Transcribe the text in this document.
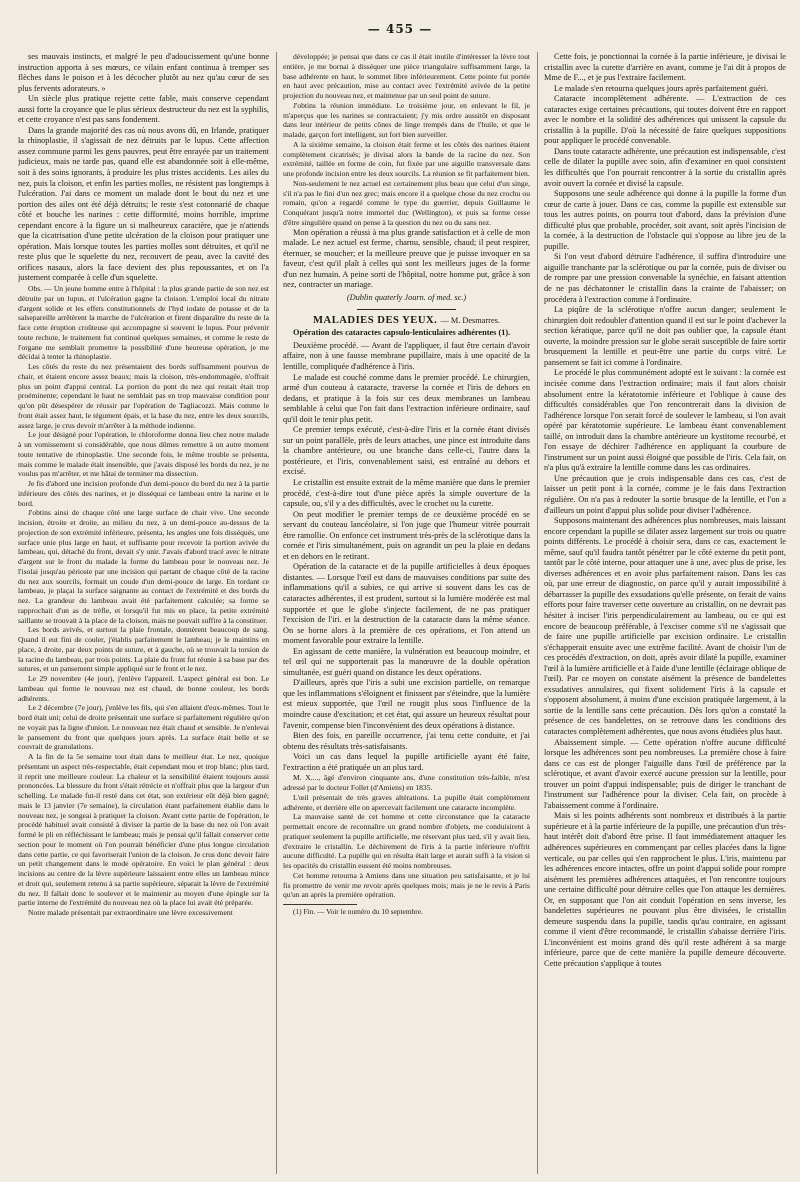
— 455 —

ses mauvais instincts, et malgré le peu d'adoucissement qu'une bonne instruction apporta à ses mœurs, ce vilain enfant continua à tremper ses flèches dans le poison et à les décocher plutôt au nez qu'au cœur de ses plus fervents adorateurs. »

Un siècle plus pratique rejette cette fable, mais conserve cependant aussi forte la croyance que le plus sérieux destructeur du nez est la syphilis, et cette croyance n'est pas sans fondement.

Dans la grande majorité des cas où nous avons dû, en Irlande, pratiquer la rhinoplastie, il s'agissait de nez détruits par le lupus. Cette affection assez commune parmi les gens pauvres, peut être enrayée par un traitement judicieux, mais ne tarde pas, quand elle est abandonnée soit à elle-même, soit à des soins ignorants, à produire les plus tristes accidents. Les ailes du nez, puis la cloison, et enfin les parties molles, ne résistent pas longtemps à l'ulcération. J'ai dans ce moment un malade dont le bout du nez et une portion des ailes ont été déjà détruits; le reste s'est cotonnarié de chaque côté et bouche les narines : cette difformité, moins horrible, imprime cependant encore à la figure un si malheureux caractère, que je n'attends que la cicatrisation d'une petite ulcération de la cloison pour pratiquer une opération. Mais lorsque toutes les parties molles sont détruites, et qu'il ne reste plus que le squelette du nez, recouvert de peau, avec la cavité des orifices nasaux, alors la face devient des plus repoussantes, et on l'a justement comparée à celle d'un squelette.

Obs. — Un jeune homme entre à l'hôpital : la plus grande partie de son nez est détruite par un lupus, et l'ulcération gagne la cloison. L'emploi local du nitrate d'argent solide et les effets constitutionnels de l'hyd iodate de potasse et de la salsepareille arrêtèrent la marche de l'ulcération et firent disparaître du reste de la face cette éruption croûteuse qui accompagne si souvent le lupus. Pour prévenir toute rechute, le traitement fut continué quelques semaines, et comme le reste de l'organe me semblait promettre la possibilité d'une heureuse opération, je me décidai à tenter la rhinoplastie.

Les côtés du reste du nez présentaient des bords suffisamment pourvus de chair, et étaient encore assez beaux; mais la cloison, très-endommagée, n'offrait plus un point d'appui central. La portion du pont du nez qui restait était trop proéminente; cependant le haut ne semblait pas en trop mauvaise condition pour qu'on pût désespérer de réussir par l'opération de Tagliacozzi. Mais comme le front était assez haut, le tégument épais, et la base du nez, entre les deux sourcils, assez large, je crus devoir m'arrêter à la méthode indienne.

Le jour désigné pour l'opération, le chloroforme donna lieu chez notre malade à un vomissement si considérable, que nous dûmes remettre à un autre moment toute tentative de rhinoplastie. Une seconde fois, le même trouble se présenta, mais comme le malade était insensible, que j'avais disposé les bords du nez, je ne voulus pas m'arrêter, et me hâtai de terminer ma dissection.

Je fis d'abord une incision profonde d'un demi-pouce du bord du nez à la partie inférieure des côtés des narines, et je disséquai ce lambeau entre la narine et le bord.

J'obtins ainsi de chaque côté une large surface de chair vive. Une seconde incision, étroite et droite, au milieu du nez, à un demi-pouce au-dessus de la projection de son extrémité inférieure, présenta, les angles une fois disséqués, une surface unie plus large en haut, et suffisante pour recevoir la portion avivée du lambeau, qui, détaché du front, devait s'y unir. J'avais d'abord tracé avec le nitrate d'argent sur le front du malade la forme du lambeau pour le nouveau nez. Je l'isolai jusqu'au périoste par une incision qui partant de chaque côté de la racine du nez aux sourcils, formait un coude d'un demi-pouce de large. En tordant ce lambeau, je plaçai la surface saignante au contact de l'extrémité et des bords du nez. La grandeur du lambeau avait été parfaitement calculée; sa forme se rapprochait d'un as de trèfle, et lorsqu'il fut mis en place, la petite extrémité saillante se trouvait à la place de la cloison, mais ne pouvait suffire à la constituer.

Les bords avivés, et surtout la plaie frontale, donnèrent beaucoup de sang. Quand il eut fini de couler, j'établis parfaitement le lambeau; je le maintins en place, à droite, par deux points de suture, et à gauche, où se trouvait la torsion de la racine du lambeau, par trois points. La plaie du front fut réunie à sa base par des sutures, et un pansement simple appliqué sur le front et le nez.

Le 29 novembre (4e jour), j'enlève l'appareil. L'aspect général est bon. Le lambeau qui forme le nouveau nez est chaud, de bonne couleur, les bords adhérents.

Le 2 décembre (7e jour), j'enlève les fils, qui s'en allaient d'eux-mêmes. Tout le bord était uni; celui de droite présentait une surface si parfaitement régulière qu'on ne voyait pas la ligne d'union. Le nouveau nez était chaud et sensible. Je n'enlevai le pansement du front que quelques jours après. La surface était belle et se couvrait de granulations.

A la fin de la 5e semaine tout était dans le meilleur état. Le nez, quoique présentant un aspect très-respectable, était cependant mou et trop blanc; plus tard, il reprit une meilleure couleur. La chaleur et la sensibilité étaient toujours aussi prononcées. La blessure du front s'était rétrécie et n'offrait plus que la largeur d'un schelling. Le malade fut-il resté dans cet état, son extérieur eût déjà bien gagné; mais le 13 janvier (7e semaine), la circulation étant parfaitement établie dans le nouveau nez, je songeai à pratiquer la cloison. Avant cette partie de l'opération, le procédé habituel avait consisté à diviser la partie de la base du nez où l'on avait formé le pli en réfléchissant le lambeau; mais je pensai qu'il fallait conserver cette section pour le moment où l'on pourrait bénéficier d'une plus longue circulation dans cette partie, ce qui favoriserait l'union de la cloison. Je crus donc devoir faire un petit changement dans le mode opératoire. En voici le plan général : deux incisions au centre de la lèvre supérieure laissaient entre elles un lambeau mince et droit qui, seulement retenu à sa partie supérieure, séparait la lèvre de l'extrémité du nez. Il fallait donc le soulever et le maintenir au moyen d'une épingle sur la partie interne de l'extrémité du nouveau nez où la place lui avait été préparée.

Notre malade présentait par extraordinaire une lèvre excessivement

développée; je pensai que dans ce cas il était inutile d'intéresser la lèvre tout entière, je me bornai à disséquer une pièce triangulaire suffisamment large, la base adhérente en haut, le sommet libre inférieurement. Cette pointe fut portée en haut avec précaution, mise au contact avec l'extrémité avivée de la petite projection du nouveau nez, et maintenue par un seul point de suture.

J'obtins la réunion immédiate. Le troisième jour, en enlevant le fil, je m'aperçus que les narines se contractaient; j'y mis ordre aussitôt en disposant dans leur intérieur de petits cônes de linge trempés dans de l'huile, et que le malade, garçon fort intelligent, sut fort bien surveiller.

A la sixième semaine, la cloison était ferme et les côtés des narines étaient complètement cicatrisés; je divisai alors la bande de la racine du nez. Son extrémité, taillée en forme de coin, fut fixée par une aiguille transversale dans une profonde incision entre les deux sourcils. La réunion se fit parfaitement bien.

Non-seulement le nez actuel est certainement plus beau que celui d'un singe, s'il n'a pas le fini d'un nez grec; mais encore il a quelque chose du nez crochu ou romain, qu'on a regardé comme le type du guerrier, depuis Guillaume le Conquérant jusqu'à notre immortel duc (Wellington), et puis sa forme cesse d'être singulière quand on pense à la question du nez ou du sans nez.

Mon opération a réussi à ma plus grande satisfaction et à celle de mon malade. Le nez actuel est ferme, charnu, sensible, chaud; il peut respirer, éternuer, se moucher; et la meilleure preuve que je puisse invoquer en sa faveur, c'est qu'il plaît à celles qui sont les meilleurs juges de la forme d'un nez humain. A peine sorti de l'hôpital, notre homme put, grâce à son nez, contracter un mariage.

(Dublin quaterly Journ. of med. sc.)

MALADIES DES YEUX. — M. Desmarres.

Opération des cataractes capsulo-lenticulaires adhérentes (1).

Deuxième procédé. — Avant de l'appliquer, il faut être certain d'avoir affaire, non à une fausse membrane pupillaire, mais à une opacité de la lentille, compliquée d'adhérence à l'iris.

Le malade est couché comme dans le premier procédé. Le chirurgien, armé d'un couteau à cataracte, traverse la cornée et l'iris de dehors en dedans, et pratique à la fois sur ces deux membranes un lambeau semblable à celui que l'on fait dans l'extraction inférieure ordinaire, sauf qu'il doit le tenir plus petit.

Ce premier temps exécuté, c'est-à-dire l'iris et la cornée étant divisés sur un point parallèle, près de leurs attaches, une pince est introduite dans la chambre antérieure, ou une branche dans celle-ci, l'autre dans la postérieure, et l'iris, convenablement saisi, est entraîné au dehors et excisé.

Le cristallin est ensuite extrait de la même manière que dans le premier procédé, c'est-à-dire tout d'une pièce après la simple ouverture de la capsule, ou, s'il y a des difficultés, avec le crochet ou la curette.

On peut modifier le premier temps de ce deuxième procédé en se servant du couteau lancéolaire, si l'on juge que l'humeur vitrée pourrait être ramollie. On enfonce cet instrument très-près de la sclérotique dans la cornée et l'iris simultanément, puis on agrandit un peu la plaie en dedans et en dehors en le retirant.

Opération de la cataracte et de la pupille artificielles à deux époques distantes. — Lorsque l'œil est dans de mauvaises conditions par suite des inflammations qu'il a subies, ce qui arrive si souvent dans les cas de cataractes adhérentes, il est prudent, surtout si la lumière modérée est mal supportée et que le globe s'injecte facilement, de ne pas pratiquer l'excision de l'iri. et la destruction de la cataracte dans la même séance. On se borne alors à la première de ces opérations, et l'on attend un moment favorable pour extraire la lentille.

En agissant de cette manière, la vulnération est beaucoup moindre, et tel œil qui ne supporterait pas la manœuvre de la double opération simultanée, est guéri quand on distance les deux opérations.

D'ailleurs, après que l'iris a subi une excision partielle, on remarque que les inflammations s'éloignent et finissent par s'éteindre, que la lumière est mieux supportée, que l'œil ne rougit plus sous l'influence de la moindre cause d'excitation; et cet état, qui assure un heureux résultat pour l'avenir, compense bien l'inconvénient des deux opérations à distance.

Bien des fois, en pareille occurrence, j'ai tenu cette conduite, et j'ai obtenu des résultats très-satisfaisants.

Voici un cas dans lequel la pupille artificielle ayant été faite, l'extraction a été pratiquée un an plus tard.

M. X...., âgé d'environ cinquante ans, d'une constitution très-faible, m'est adressé par le docteur Follet (d'Amiens) en 1835.

L'œil présentait de très graves altérations. La pupille était complètement adhérente, et derrière elle on apercevait facilement une cataracte incomplète.

La mauvaise santé de cet homme et cette circonstance que la cataracte permettait encore de reconnaître un grand nombre d'objets, me conduisirent à pratiquer seulement la pupille artificielle, me réservant plus tard, s'il y avait lieu, d'extraire le cristallin. Le déchirement de l'iris à la partie inférieure n'offrit aucune difficulté. La pupille qui en résulta était large et aurait suffi à la vision si les opacités du cristallin eussent été moins nombreuses.

Cet homme retourna à Amiens dans une situation peu satisfaisante, et je lui fis promettre de venir me revoir après quelques mois; mais je ne le revis à Paris qu'un an après la première opération.

(1) Fin. — Voir le numéro du 10 septembre.

Cette fois, je ponctionnai la cornée à la partie inférieure, je divisai le cristallin avec la curette d'arrière en avant, comme je l'ai dit à propos de Mme de F..., et je pus l'extraire facilement.

Le malade s'en retourna quelques jours après parfaitement guéri.

Cataracte incomplètement adhérente. — L'extraction de ces cataractes exige certaines précautions, qui toutes doivent être en rapport avec le nombre et la solidité des adhérences qui unissent la capsule du cristallin à la pupille. D'où la nécessité de faire quelques suppositions pour appliquer le procédé convenable.

Dans toute cataracte adhérente, une précaution est indispensable, c'est celle de dilater la pupille avec soin, afin d'examiner en quoi consistent les difficultés que l'on pourrait rencontrer à la sortie du cristallin après avoir ouvert la cornée et divisé la capsule.

Supposons une seule adhérence qui donne à la pupille la forme d'un cœur de carte à jouer. Dans ce cas, comme la pupille est extensible sur tous les autres points, on pourra tout d'abord, dans la prévision d'une difficulté plus que probable, procéder, soit avant, soit après l'incision de la cornée, à la destruction de l'obstacle qui s'oppose au libre jeu de la pupille.

Si l'on veut d'abord détruire l'adhérence, il suffira d'introduire une aiguille tranchante par la sclérotique ou par la cornée, puis de diviser ou de rompre par une pression convenable la synéchie, en faisant attention de ne pas déchatonner le cristallin dans la crainte de l'abaisser; on procédera à l'extraction comme à l'ordinaire.

La piqûre de la sclérotique n'offre aucun danger; seulement le chirurgien doit redoubler d'attention quand il est sur le point d'achever la section kératique, parce qu'il ne doit pas oublier que, la capsule étant ouverte, la moindre pression sur le globe serait susceptible de faire sortir brusquement la lentille et peut-être une partie du corps vitré. Le pansement se fait ici comme à l'ordinaire.

Le procédé le plus communément adopté est le suivant : la cornée est incisée comme dans l'extraction ordinaire; mais il faut alors choisir absolument entre la kératotomie inférieure et l'oblique à cause des difficultés considérables que l'on rencontrerait dans la division de l'adhérence lorsque l'on serait forcé de soulever le lambeau, si l'on avait opéré par kératotomie supérieure. Le lambeau étant convenablement taillé, on introduit dans la chambre antérieure un kystitome recourbé, et l'on essaye de déchirer l'adhérence en appliquant la courbure de l'instrument sur un point aussi éloigné que possible de l'iris. Cela fait, on n'a plus qu'à extraire la lentille comme dans les cas ordinaires.

Une précaution que je crois indispensable dans ces cas, c'est de laisser un petit pont à la cornée, comme je le fais dans l'extraction régulière. On n'a pas à redouter la sortie brusque de la lentille, et l'on a d'ailleurs un point d'appui plus solide pour diviser l'adhérence.

Supposons maintenant des adhérences plus nombreuses, mais laissant encore cependant la pupille se dilater assez largement sur trois ou quatre points différents. Le procédé à choisir sera, dans ce cas, exactement le même, sauf qu'il faudra tantôt pénétrer par le côté externe du petit pont, tantôt par le côté interne, pour attaquer une à une, avec plus de prise, les diverses adhérences et en avoir plus parfaitement raison. Dans les cas où, par une erreur de diagnostic, on parce qu'il y aurait impossibilité à débarrasser la pupille des exsudations qu'elle présente, on ferait de vains efforts pour faire traverser cette ouverture au cristallin, on ne devrait pas hésiter à inciser l'iris perpendiculairement au lambeau, ou ce qui est encore de beaucoup préférable, à l'exciser comme s'il ne s'agissait que de faire une pupille artificielle par excision ordinaire. Le cristallin s'échapperait ensuite avec une extrême facilité. Avant de choisir l'un de ces procédés d'extraction, on doit, après avoir dilaté la pupille, examiner l'œil à la lumière artificielle et à l'aide d'une lentille (éclairage oblique de l'œil). Par ce moyen on constate aisément la présence de bandelettes exsudatives annulaires, qui fixent solidement l'iris à la capsule et s'opposent absolument, à moins d'une excision pratiquée largement, à la sortie de la lentille sans cette précaution. Dès lors qu'on a constaté la présence de ces bandelettes, on se retrouve dans les conditions des cataractes complètement adhérentes, que nous avons étudiées plus haut.

Abaissement simple. — Cette opération n'offre aucune difficulté lorsque les adhérences sont peu nombreuses. La première chose à faire dans ce cas est de plonger l'aiguille dans l'œil de préférence par la sclérotique, et avant d'avoir exercé aucune pression sur la lentille, pour trouver un point d'appui indispensable; puis de diriger le tranchant de l'instrument sur l'adhérence pour la diviser. Cela fait, on procède à l'abaissement comme à l'ordinaire.

Mais si les points adhérents sont nombreux et distribués à la partie supérieure et à la partie inférieure de la pupille, une précaution d'un très-haut intérêt doit d'abord être prise. Il faut immédiatement attaquer les adhérences supérieures en commençant par celles placées dans la ligne verticale, ou par celles qui s'en rapprochent le plus. L'iris, maintenu par les adhérences encore intactes, offre un point d'appui solide pour rompre aisément les premières adhérences attaquées, et l'on rencontre toujours une certaine difficulté pour détruire celles que l'on attaque les dernières. Or, en supposant que l'on ait conduit l'opération en sens inverse, les bandelettes supérieures ne pouvant plus être divisées, le cristallin demeure suspendu dans la pupille, tandis qu'au contraire, en agissant comme il vient d'être recommandé, le cristallin s'abaisse derrière l'iris. L'inconvénient est moins grand dès qu'il reste adhérent à sa marge inférieure, parce que de cette manière la pupille demeure découverte. Cette précaution s'applique à toutes
